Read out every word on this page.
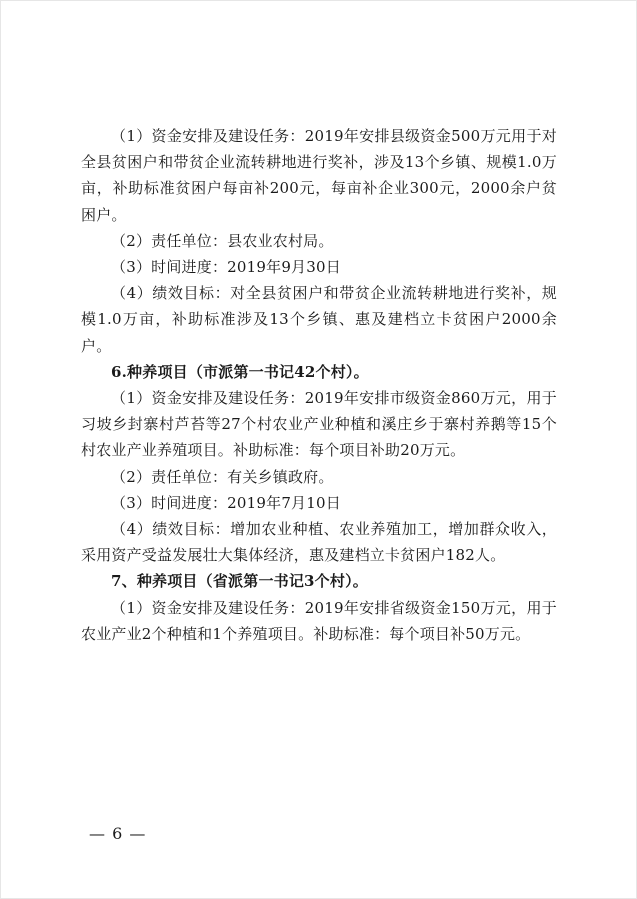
（1）资金安排及建设任务：2019年安排县级资金500万元用于对全县贫困户和带贫企业流转耕地进行奖补，涉及13个乡镇、规模1.0万亩，补助标准贫困户每亩补200元，每亩补企业300元，2000余户贫困户。

（2）责任单位：县农业农村局。

（3）时间进度：2019年9月30日

（4）绩效目标：对全县贫困户和带贫企业流转耕地进行奖补，规模1.0万亩，补助标准涉及13个乡镇、惠及建档立卡贫困户2000余户。

6.种养项目（市派第一书记42个村）。

（1）资金安排及建设任务：2019年安排市级资金860万元，用于习坡乡封寨村芦苔等27个村农业产业种植和溪庄乡于寨村养鹅等15个村农业产业养殖项目。补助标准：每个项目补助20万元。

（2）责任单位：有关乡镇政府。

（3）时间进度：2019年7月10日

（4）绩效目标：增加农业种植、农业养殖加工，增加群众收入，采用资产受益发展壮大集体经济，惠及建档立卡贫困户182人。

7、种养项目（省派第一书记3个村）。

（1）资金安排及建设任务：2019年安排省级资金150万元，用于农业产业2个种植和1个养殖项目。补助标准：每个项目补50万元。

— 6 —
